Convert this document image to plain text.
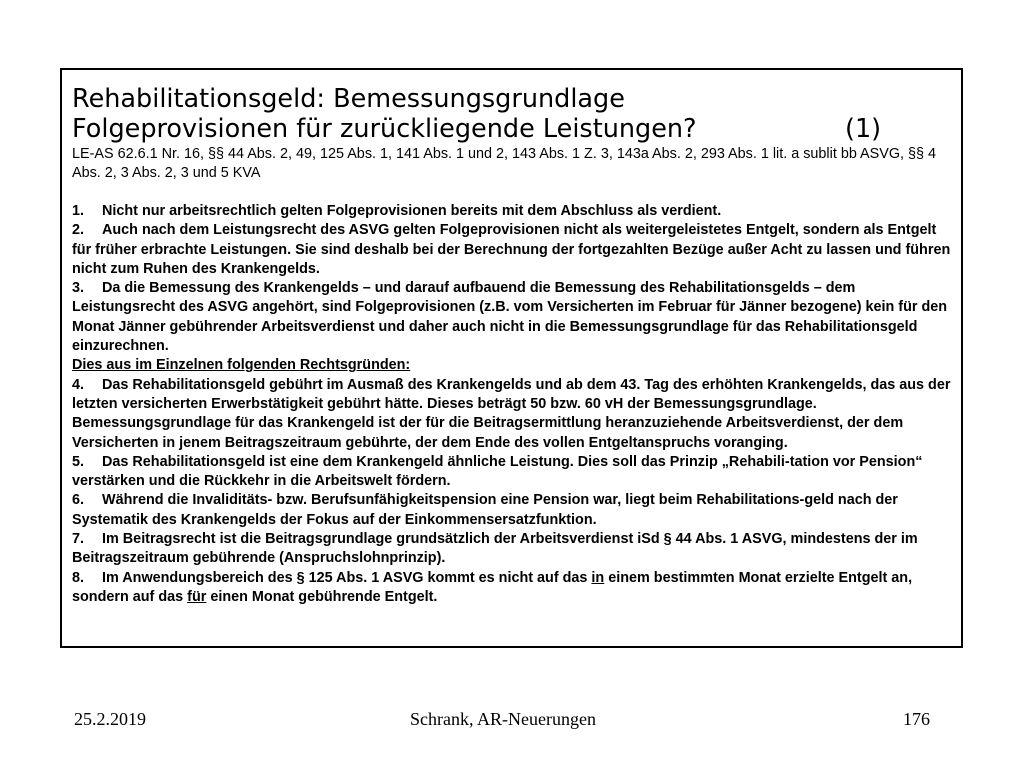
Rehabilitationsgeld: Bemessungsgrundlage
Folgeprovisionen für zurückliegende Leistungen?	(1)
LE-AS 62.6.1 Nr. 16, §§ 44 Abs. 2, 49, 125 Abs. 1, 141 Abs. 1 und 2, 143 Abs. 1 Z. 3, 143a Abs. 2, 293 Abs. 1 lit. a sublit bb ASVG, §§ 4 Abs. 2, 3 Abs. 2, 3 und 5 KVA

1. Nicht nur arbeitsrechtlich gelten Folgeprovisionen bereits mit dem Abschluss als verdient.

2. Auch nach dem Leistungsrecht des ASVG gelten Folgeprovisionen nicht als weitergeleistetes Entgelt, sondern als Entgelt für früher erbrachte Leistungen. Sie sind deshalb bei der Berechnung der fortgezahlten Bezüge außer Acht zu lassen und führen nicht zum Ruhen des Krankengelds.

3. Da die Bemessung des Krankengelds – und darauf aufbauend die Bemessung des Rehabilitationsgelds – dem Leistungsrecht des ASVG angehört, sind Folgeprovisionen (z.B. vom Versicherten im Februar für Jänner bezogene) kein für den Monat Jänner gebührender Arbeitsverdienst und daher auch nicht in die Bemessungsgrundlage für das Rehabilitationsgeld einzurechnen.

Dies aus im Einzelnen folgenden Rechtsgründen:

4. Das Rehabilitationsgeld gebührt im Ausmaß des Krankengelds und ab dem 43. Tag des erhöhten Krankengelds, das aus der letzten versicherten Erwerbstätigkeit gebührt hätte. Dieses beträgt 50 bzw. 60 vH der Bemessungsgrundlage. Bemessungsgrundlage für das Krankengeld ist der für die Beitragsermittlung heranzuziehende Arbeitsverdienst, der dem Versicherten in jenem Beitragszeitraum gebührte, der dem Ende des vollen Entgeltanspruchs voranging.

5. Das Rehabilitationsgeld ist eine dem Krankengeld ähnliche Leistung. Dies soll das Prinzip „Rehabili-tation vor Pension“ verstärken und die Rückkehr in die Arbeitswelt fördern.

6. Während die Invaliditäts- bzw. Berufsunfähigkeitspension eine Pension war, liegt beim Rehabilitations-geld nach der Systematik des Krankengelds der Fokus auf der Einkommensersatzfunktion.

7. Im Beitragsrecht ist die Beitragsgrundlage grundsätzlich der Arbeitsverdienst iSd § 44 Abs. 1 ASVG, mindestens der im Beitragszeitraum gebührende (Anspruchslohnprinzip).

8. Im Anwendungsbereich des § 125 Abs. 1 ASVG kommt es nicht auf das in einem bestimmten Monat erzielte Entgelt an, sondern auf das für einen Monat gebührende Entgelt.

25.2.2019	Schrank, AR-Neuerungen	176
